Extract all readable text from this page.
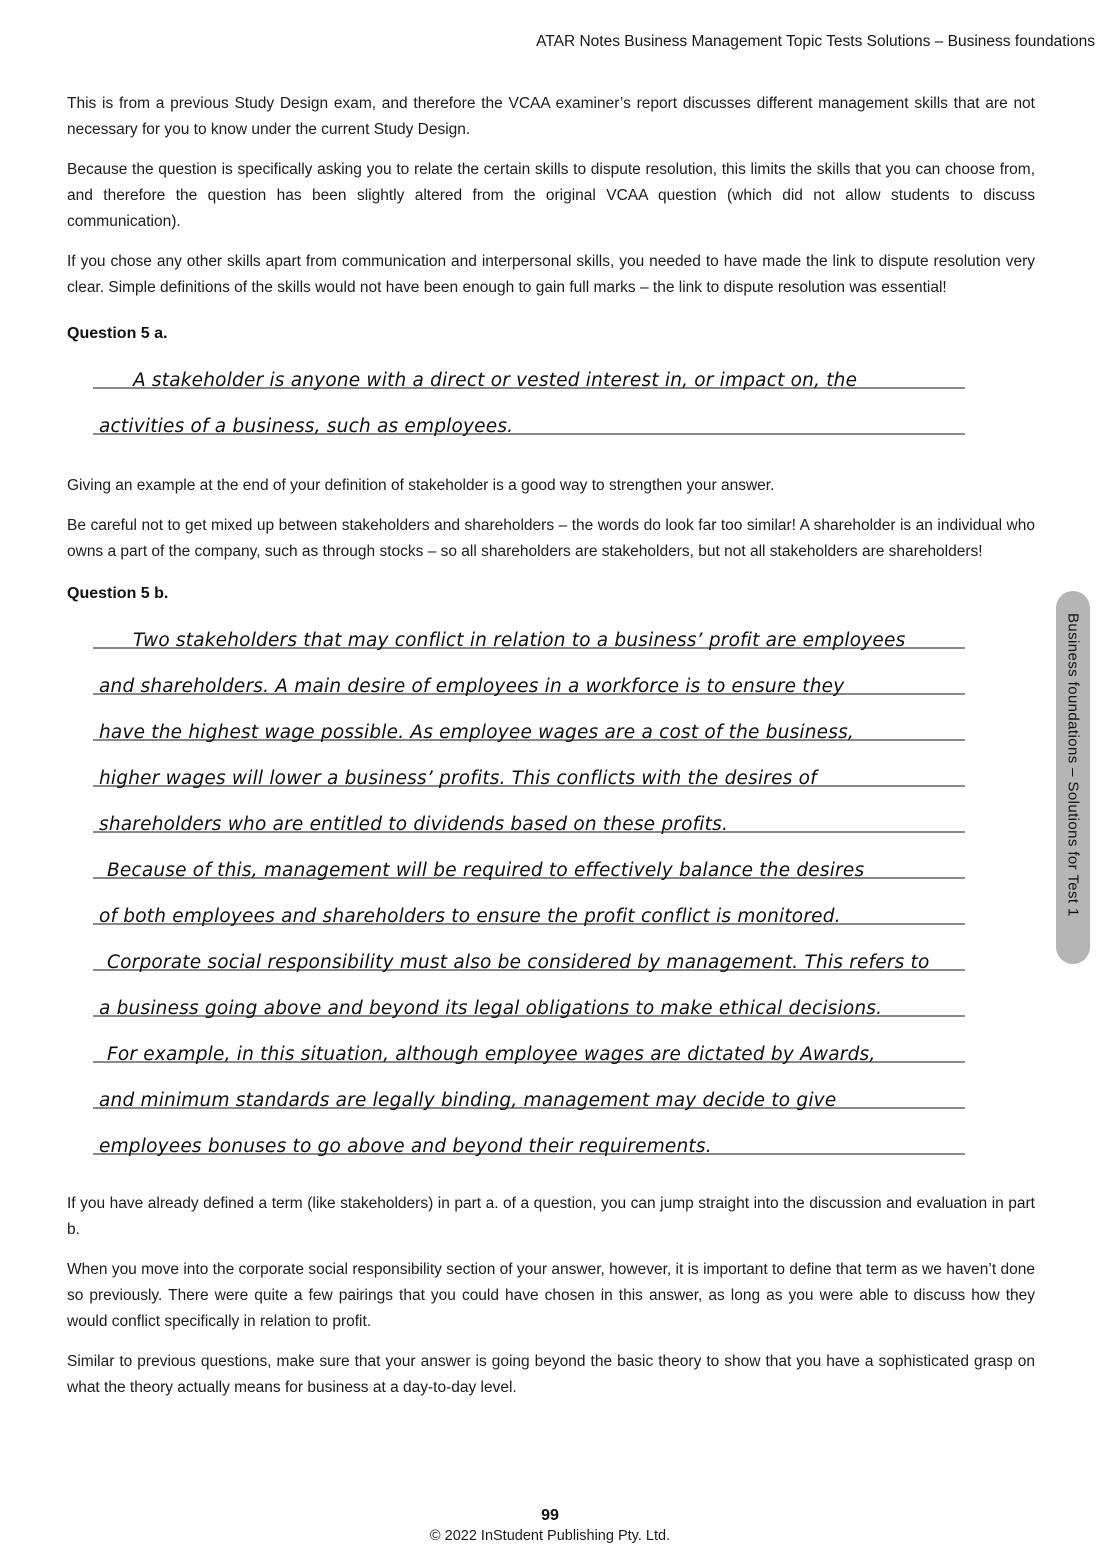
ATAR Notes Business Management Topic Tests Solutions – Business foundations

This is from a previous Study Design exam, and therefore the VCAA examiner’s report discusses different management skills that are not necessary for you to know under the current Study Design.

Because the question is specifically asking you to relate the certain skills to dispute resolution, this limits the skills that you can choose from, and therefore the question has been slightly altered from the original VCAA question (which did not allow students to discuss communication).

If you chose any other skills apart from communication and interpersonal skills, you needed to have made the link to dispute resolution very clear. Simple definitions of the skills would not have been enough to gain full marks – the link to dispute resolution was essential!

Question 5 a.
A stakeholder is anyone with a direct or vested interest in, or impact on, the
activities of a business, such as employees.

Giving an example at the end of your definition of stakeholder is a good way to strengthen your answer.

Be careful not to get mixed up between stakeholders and shareholders – the words do look far too similar! A shareholder is an individual who owns a part of the company, such as through stocks – so all shareholders are stakeholders, but not all stakeholders are shareholders!

Question 5 b.
Two stakeholders that may conflict in relation to a business’ profit are employees
and shareholders. A main desire of employees in a workforce is to ensure they
have the highest wage possible. As employee wages are a cost of the business,
higher wages will lower a business’ profits. This conflicts with the desires of
shareholders who are entitled to dividends based on these profits.
Because of this, management will be required to effectively balance the desires
of both employees and shareholders to ensure the profit conflict is monitored.
Corporate social responsibility must also be considered by management. This refers to
a business going above and beyond its legal obligations to make ethical decisions.
For example, in this situation, although employee wages are dictated by Awards,
and minimum standards are legally binding, management may decide to give
employees bonuses to go above and beyond their requirements.

If you have already defined a term (like stakeholders) in part a. of a question, you can jump straight into the discussion and evaluation in part b.

When you move into the corporate social responsibility section of your answer, however, it is important to define that term as we haven’t done so previously. There were quite a few pairings that you could have chosen in this answer, as long as you were able to discuss how they would conflict specifically in relation to profit.

Similar to previous questions, make sure that your answer is going beyond the basic theory to show that you have a sophisticated grasp on what the theory actually means for business at a day-to-day level.

Business foundations – Solutions for Test 1
99
© 2022 InStudent Publishing Pty. Ltd.
